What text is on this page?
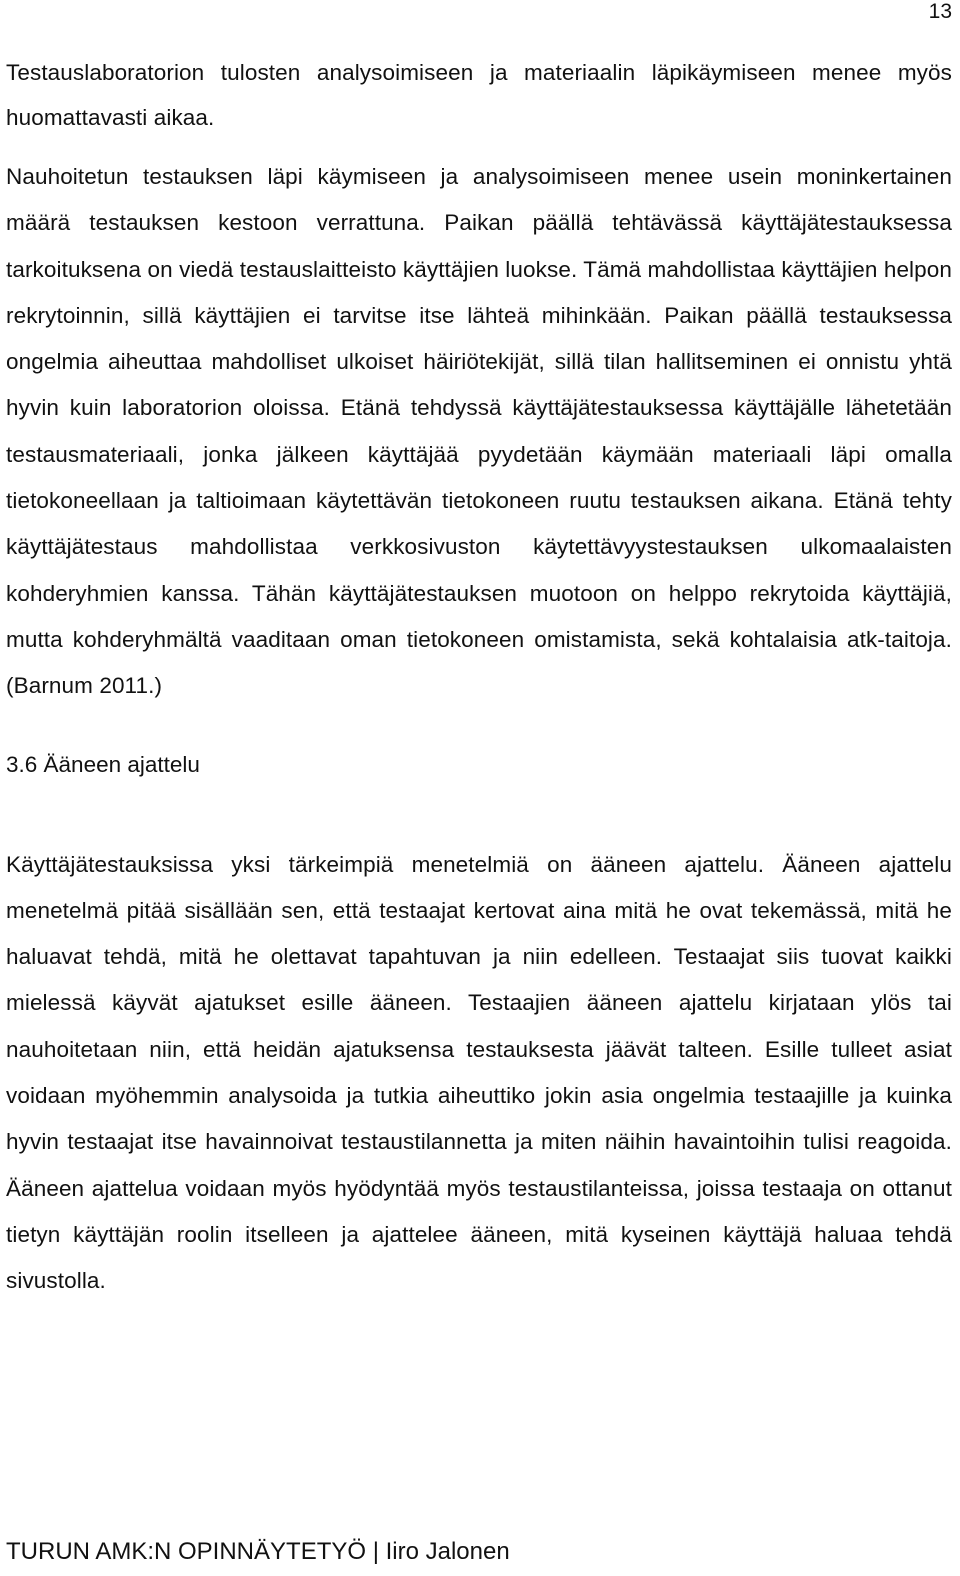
13

Testauslaboratorion tulosten analysoimiseen ja materiaalin läpikäymiseen menee myös huomattavasti aikaa.

Nauhoitetun testauksen läpi käymiseen ja analysoimiseen menee usein moninkertainen määrä testauksen kestoon verrattuna. Paikan päällä tehtävässä käyttäjätestauksessa tarkoituksena on viedä testauslaitteisto käyttäjien luokse. Tämä mahdollistaa käyttäjien helpon rekrytoinnin, sillä käyttäjien ei tarvitse itse lähteä mihinkään. Paikan päällä testauksessa ongelmia aiheuttaa mahdolliset ulkoiset häiriötekijät, sillä tilan hallitseminen ei onnistu yhtä hyvin kuin laboratorion oloissa. Etänä tehdyssä käyttäjätestauksessa käyttäjälle lähetetään testausmateriaali, jonka jälkeen käyttäjää pyydetään käymään materiaali läpi omalla tietokoneellaan ja taltioimaan käytettävän tietokoneen ruutu testauksen aikana. Etänä tehty käyttäjätestaus mahdollistaa verkkosivuston käytettävyystestauksen ulkomaalaisten kohderyhmien kanssa. Tähän käyttäjätestauksen muotoon on helppo rekrytoida käyttäjiä, mutta kohderyhmältä vaaditaan oman tietokoneen omistamista, sekä kohtalaisia atk-taitoja. (Barnum 2011.)

3.6 Ääneen ajattelu

Käyttäjätestauksissa yksi tärkeimpiä menetelmiä on ääneen ajattelu. Ääneen ajattelu menetelmä pitää sisällään sen, että testaajat kertovat aina mitä he ovat tekemässä, mitä he haluavat tehdä, mitä he olettavat tapahtuvan ja niin edelleen. Testaajat siis tuovat kaikki mielessä käyvät ajatukset esille ääneen. Testaajien ääneen ajattelu kirjataan ylös tai nauhoitetaan niin, että heidän ajatuksensa testauksesta jäävät talteen. Esille tulleet asiat voidaan myöhemmin analysoida ja tutkia aiheuttiko jokin asia ongelmia testaajille ja kuinka hyvin testaajat itse havainnoivat testaustilannetta ja miten näihin havaintoihin tulisi reagoida. Ääneen ajattelua voidaan myös hyödyntää myös testaustilanteissa, joissa testaaja on ottanut tietyn käyttäjän roolin itselleen ja ajattelee ääneen, mitä kyseinen käyttäjä haluaa tehdä sivustolla.

TURUN AMK:N OPINNÄYTETYÖ | Iiro Jalonen
